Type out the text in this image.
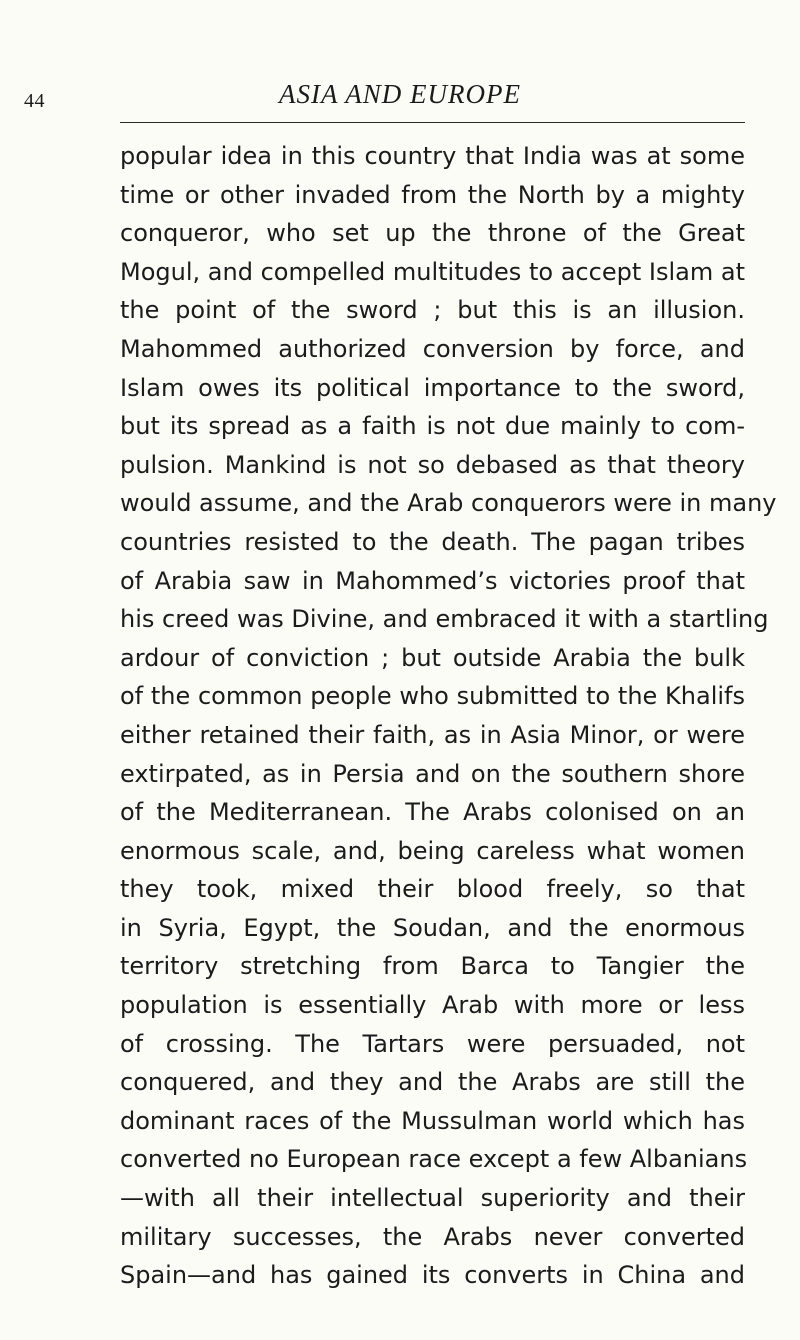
44	ASIA AND EUROPE
popular idea in this country that India was at some
time or other invaded from the North by a mighty
conqueror, who set up the throne of the Great
Mogul, and compelled multitudes to accept Islam at
the point of the sword ; but this is an illusion.
Mahommed authorized conversion by force, and
Islam owes its political importance to the sword,
but its spread as a faith is not due mainly to com-
pulsion. Mankind is not so debased as that theory
would assume, and the Arab conquerors were in many
countries resisted to the death. The pagan tribes
of Arabia saw in Mahommed’s victories proof that
his creed was Divine, and embraced it with a startling
ardour of conviction ; but outside Arabia the bulk
of the common people who submitted to the Khalifs
either retained their faith, as in Asia Minor, or were
extirpated, as in Persia and on the southern shore
of the Mediterranean. The Arabs colonised on an
enormous scale, and, being careless what women
they took, mixed their blood freely, so that
in Syria, Egypt, the Soudan, and the enormous
territory stretching from Barca to Tangier the
population is essentially Arab with more or less
of crossing. The Tartars were persuaded, not
conquered, and they and the Arabs are still the
dominant races of the Mussulman world which has
converted no European race except a few Albanians
—with all their intellectual superiority and their
military successes, the Arabs never converted
Spain—and has gained its converts in China and
